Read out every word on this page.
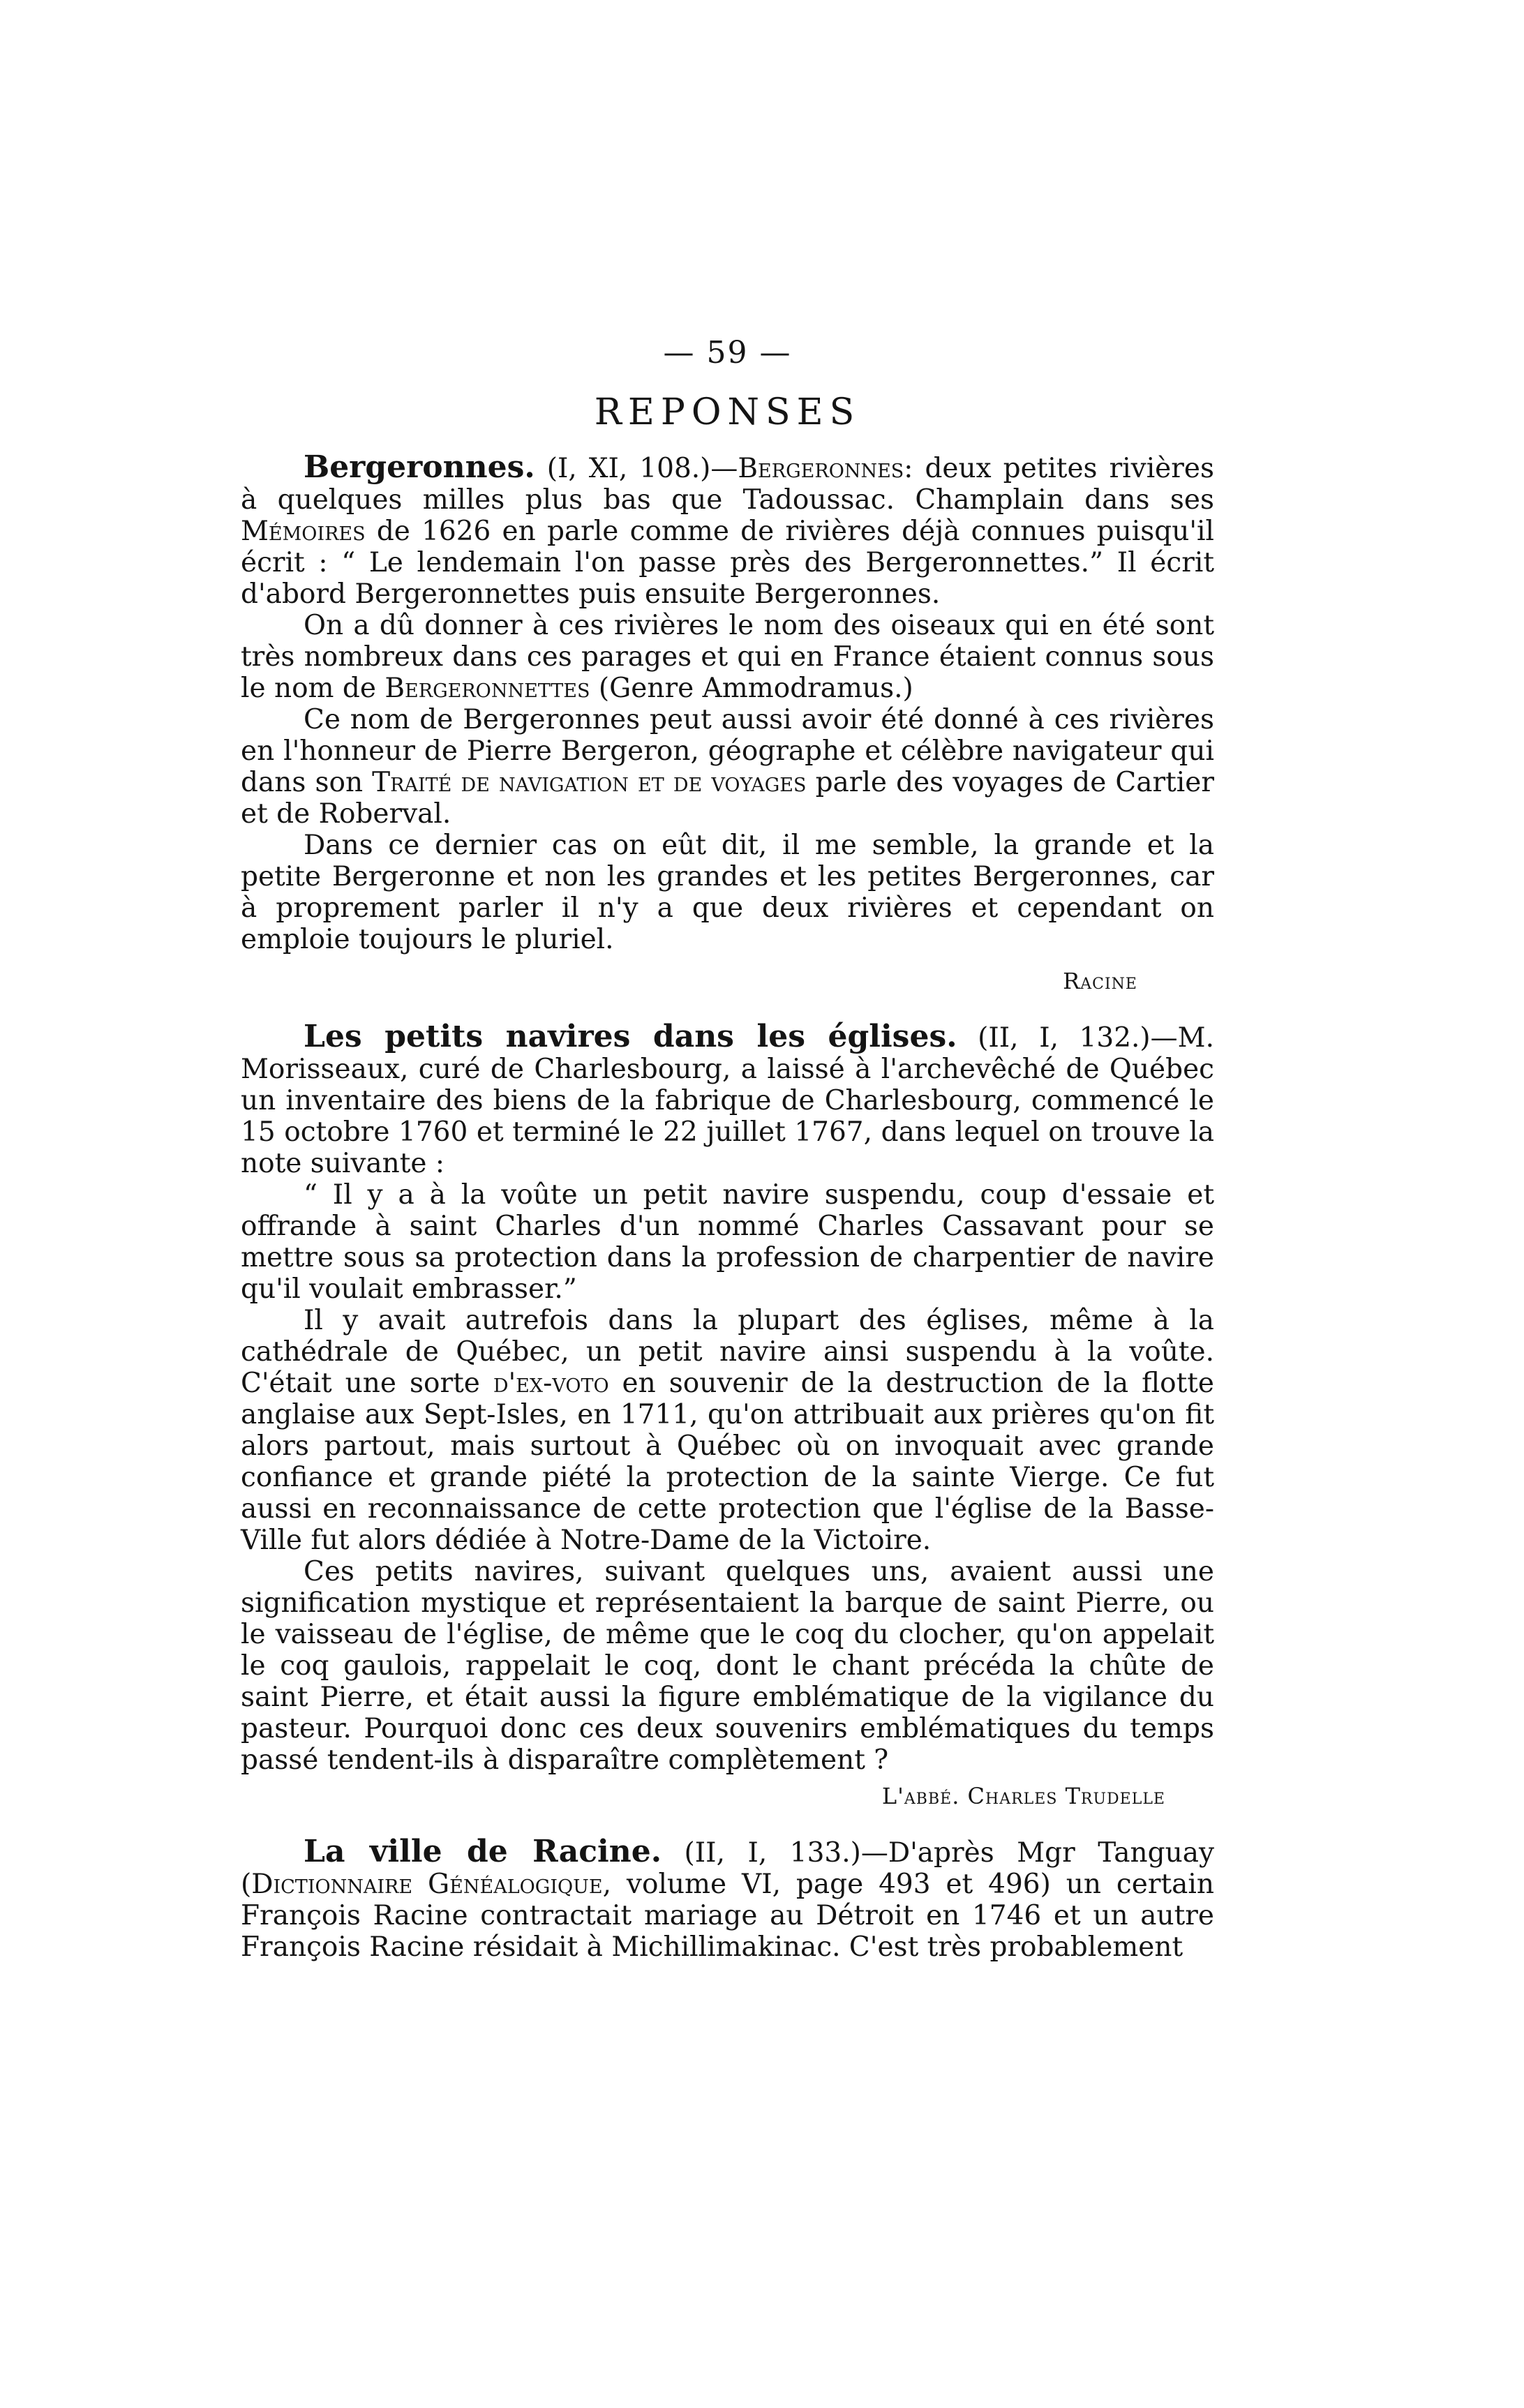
— 59 —
REPONSES

Bergeronnes. (I, XI, 108.)—Bergeronnes: deux petites rivières à quelques milles plus bas que Tadoussac. Champlain dans ses Mémoires de 1626 en parle comme de rivières déjà connues puisqu'il écrit : “ Le lendemain l'on passe près des Bergeronnettes.” Il écrit d'abord Bergeronnettes puis ensuite Bergeronnes.

On a dû donner à ces rivières le nom des oiseaux qui en été sont très nombreux dans ces parages et qui en France étaient connus sous le nom de Bergeronnettes (Genre Ammodramus.)

Ce nom de Bergeronnes peut aussi avoir été donné à ces rivières en l'honneur de Pierre Bergeron, géographe et célèbre navigateur qui dans son Traité de navigation et de voyages parle des voyages de Cartier et de Roberval.

Dans ce dernier cas on eût dit, il me semble, la grande et la petite Bergeronne et non les grandes et les petites Bergeronnes, car à proprement parler il n'y a que deux rivières et cependant on emploie toujours le pluriel.

Racine

Les petits navires dans les églises. (II, I, 132.)—M. Morisseaux, curé de Charlesbourg, a laissé à l'archevêché de Québec un inventaire des biens de la fabrique de Charlesbourg, commencé le 15 octobre 1760 et terminé le 22 juillet 1767, dans lequel on trouve la note suivante :

“ Il y a à la voûte un petit navire suspendu, coup d'essaie et offrande à saint Charles d'un nommé Charles Cassavant pour se mettre sous sa protection dans la profession de charpentier de navire qu'il voulait embrasser.”

Il y avait autrefois dans la plupart des églises, même à la cathédrale de Québec, un petit navire ainsi suspendu à la voûte. C'était une sorte d'ex-voto en souvenir de la destruction de la flotte anglaise aux Sept-Isles, en 1711, qu'on attribuait aux prières qu'on fit alors partout, mais surtout à Québec où on invoquait avec grande confiance et grande piété la protection de la sainte Vierge. Ce fut aussi en reconnaissance de cette protection que l'église de la Basse-Ville fut alors dédiée à Notre-Dame de la Victoire.

Ces petits navires, suivant quelques uns, avaient aussi une signification mystique et représentaient la barque de saint Pierre, ou le vaisseau de l'église, de même que le coq du clocher, qu'on appelait le coq gaulois, rappelait le coq, dont le chant précéda la chûte de saint Pierre, et était aussi la figure emblématique de la vigilance du pasteur. Pourquoi donc ces deux souvenirs emblématiques du temps passé tendent-ils à disparaître complètement ?

L'abbé. Charles Trudelle

La ville de Racine. (II, I, 133.)—D'après Mgr Tanguay (Dictionnaire Généalogique, volume VI, page 493 et 496) un certain François Racine contractait mariage au Détroit en 1746 et un autre François Racine résidait à Michillimakinac. C'est très probablement
